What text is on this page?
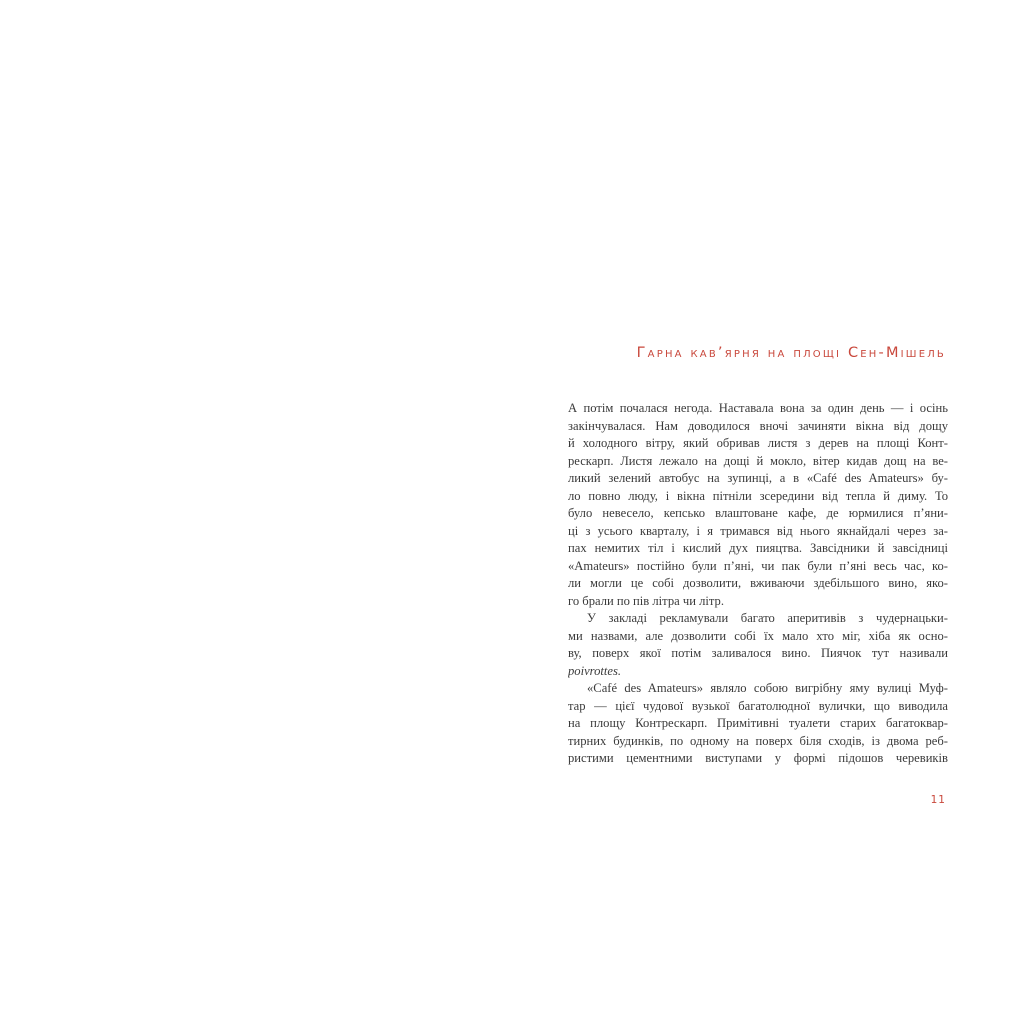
Гарна кав’ярня на площі Сен-Мішель
А потім почалася негода. Наставала вона за один день — і осінь
закінчувалася. Нам доводилося вночі зачиняти вікна від дощу
й холодного вітру, який обривав листя з дерев на площі Конт-
рескарп. Листя лежало на дощі й мокло, вітер кидав дощ на ве-
ликий зелений автобус на зупинці, а в «Café des Amateurs» бу-
ло повно люду, і вікна пітніли зсередини від тепла й диму. То
було невесело, кепсько влаштоване кафе, де юрмилися п’яни-
ці з усього кварталу, і я тримався від нього якнайдалі через за-
пах немитих тіл і кислий дух пияцтва. Завсідники й завсідниці
«Amateurs» постійно були п’яні, чи пак були п’яні весь час, ко-
ли могли це собі дозволити, вживаючи здебільшого вино, яко-
го брали по пів літра чи літр.
У закладі рекламували багато аперитивів з чудернацьки-
ми назвами, але дозволити собі їх мало хто міг, хіба як осно-
ву, поверх якої потім заливалося вино. Пиячок тут називали
poivrottes.
«Café des Amateurs» являло собою вигрібну яму вулиці Муф-
тар — цієї чудової вузької багатолюдної вулички, що виводила
на площу Контрескарп. Примітивні туалети старих багатоквар-
тирних будинків, по одному на поверх біля сходів, із двома реб-
ристими цементними виступами у формі підошов черевиків
11
